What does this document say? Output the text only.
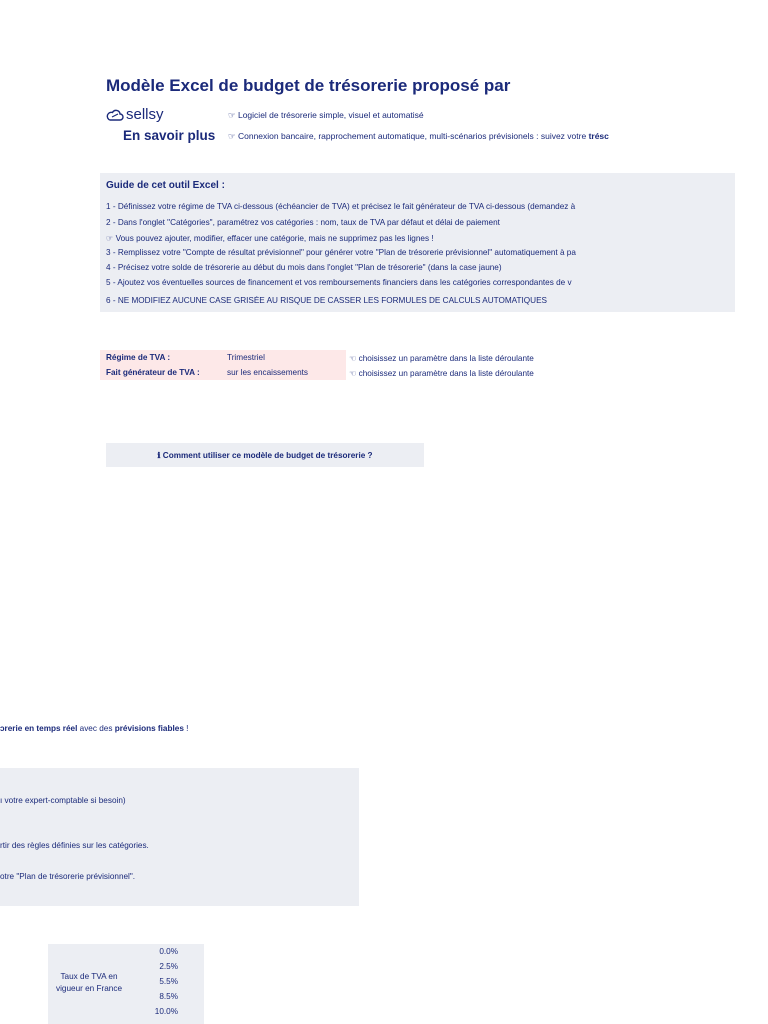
Modèle Excel de budget de trésorerie proposé par
sellsy
En savoir plus
☞ Logiciel de trésorerie simple, visuel et automatisé
☞ Connexion bancaire, rapprochement automatique, multi-scénarios prévisionels : suivez votre trésc
Guide de cet outil Excel :
1 - Définissez votre régime de TVA ci-dessous (échéancier de TVA) et précisez le fait générateur de TVA ci-dessous (demandez à
2 - Dans l'onglet "Catégories", paramétrez vos catégories : nom, taux de TVA par défaut et délai de paiement
☞ Vous pouvez ajouter, modifier, effacer une catégorie, mais ne supprimez pas les lignes !
3 - Remplissez votre "Compte de résultat prévisionnel" pour générer votre "Plan de trésorerie prévisionnel" automatiquement à pa
4 - Précisez votre solde de trésorerie au début du mois dans l'onglet "Plan de trésorerie" (dans la case jaune)
5 - Ajoutez vos éventuelles sources de financement et vos remboursements financiers dans les catégories correspondantes de v
6 - NE MODIFIEZ AUCUNE CASE GRISÉE AU RISQUE DE CASSER LES FORMULES DE CALCULS AUTOMATIQUES
Régime de TVA :	Trimestriel	☜ choisissez un paramètre dans la liste déroulante
Fait générateur de TVA :	sur les encaissements	☜ choisissez un paramètre dans la liste déroulante
ℹ Comment utiliser ce modèle de budget de trésorerie ?
ɔrerie en temps réel avec des prévisions fiables !
ı votre expert-comptable si besoin)
rtir des règles définies sur les catégories.
otre "Plan de trésorerie prévisionnel".
Taux de TVA en vigueur en France
0.0%
2.5%
5.5%
8.5%
10.0%
